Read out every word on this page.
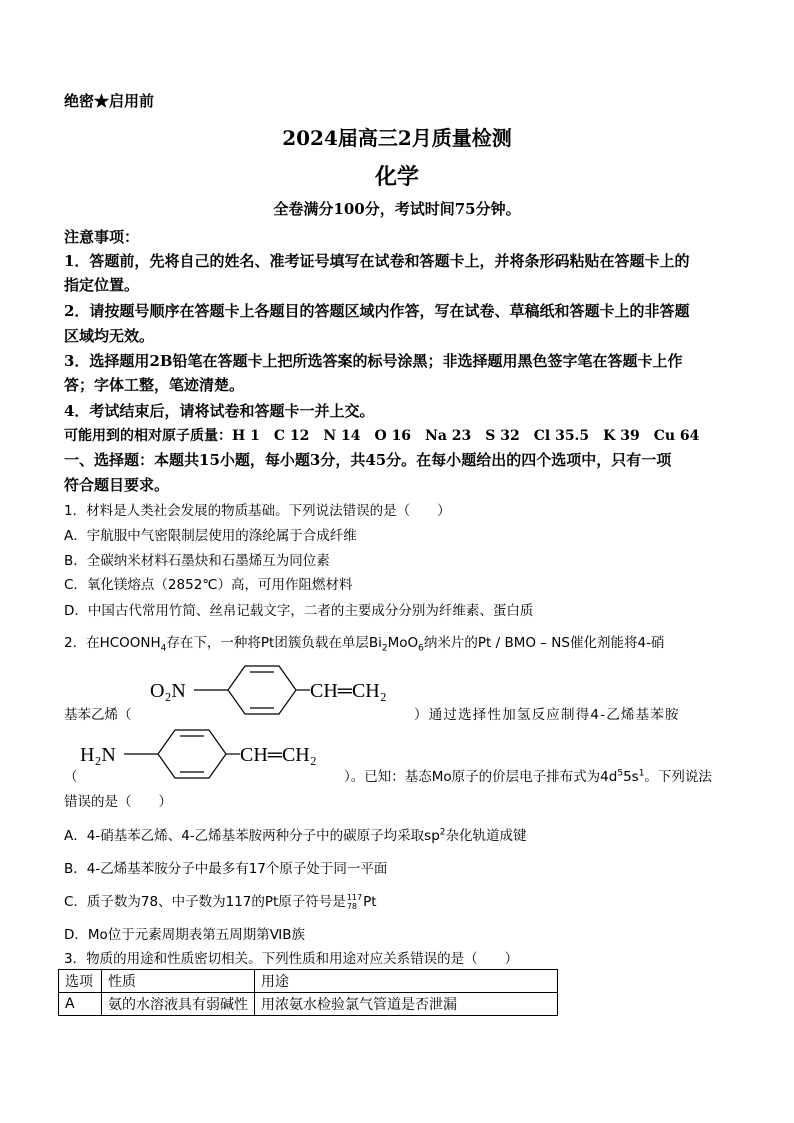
绝密★启用前
2024届高三2月质量检测
化学
全卷满分100分，考试时间75分钟。
注意事项：
1．答题前，先将自己的姓名、准考证号填写在试卷和答题卡上，并将条形码粘贴在答题卡上的
指定位置。
2．请按题号顺序在答题卡上各题目的答题区域内作答，写在试卷、草稿纸和答题卡上的非答题
区域均无效。
3．选择题用2B铅笔在答题卡上把所选答案的标号涂黑；非选择题用黑色签字笔在答题卡上作
答；字体工整，笔迹清楚。
4．考试结束后，请将试卷和答题卡一并上交。
可能用到的相对原子质量：H 1　C 12　N 14　O 16　Na 23　S 32　Cl 35.5　K 39　Cu 64
一、选择题：本题共15小题，每小题3分，共45分。在每小题给出的四个选项中，只有一项
符合题目要求。
1．材料是人类社会发展的物质基础。下列说法错误的是（　　）
A．宇航服中气密限制层使用的涤纶属于合成纤维
B．全碳纳米材料石墨炔和石墨烯互为同位素
C．氧化镁熔点（2852℃）高，可用作阻燃材料
D．中国古代常用竹简、丝帛记载文字，二者的主要成分分别为纤维素、蛋白质
2．在$HCOONH_4$存在下，一种将Pt团簇负载在单层$Bi_2MoO_6$纳米片的Pt / BMO – NS催化剂能将4-硝
O₂N	CH═CH₂
基苯乙烯（	）通过选择性加氢反应制得4-乙烯基苯胺
H₂N	CH═CH₂
（	）。已知：基态Mo原子的价层电子排布式为$4d^55s^1$。下列说法
错误的是（　　）
A．4-硝基苯乙烯、4-乙烯基苯胺两种分子中的碳原子均采取$sp^2$杂化轨道成键
B．4-乙烯基苯胺分子中最多有17个原子处于同一平面
C．质子数为78、中子数为117的Pt原子符号是 117
78 Pt
D．Mo位于元素周期表第五周期第ⅥB族
3．物质的用途和性质密切相关。下列性质和用途对应关系错误的是（　　）
选项	性质	用途
A	氨的水溶液具有弱碱性	用浓氨水检验氯气管道是否泄漏
